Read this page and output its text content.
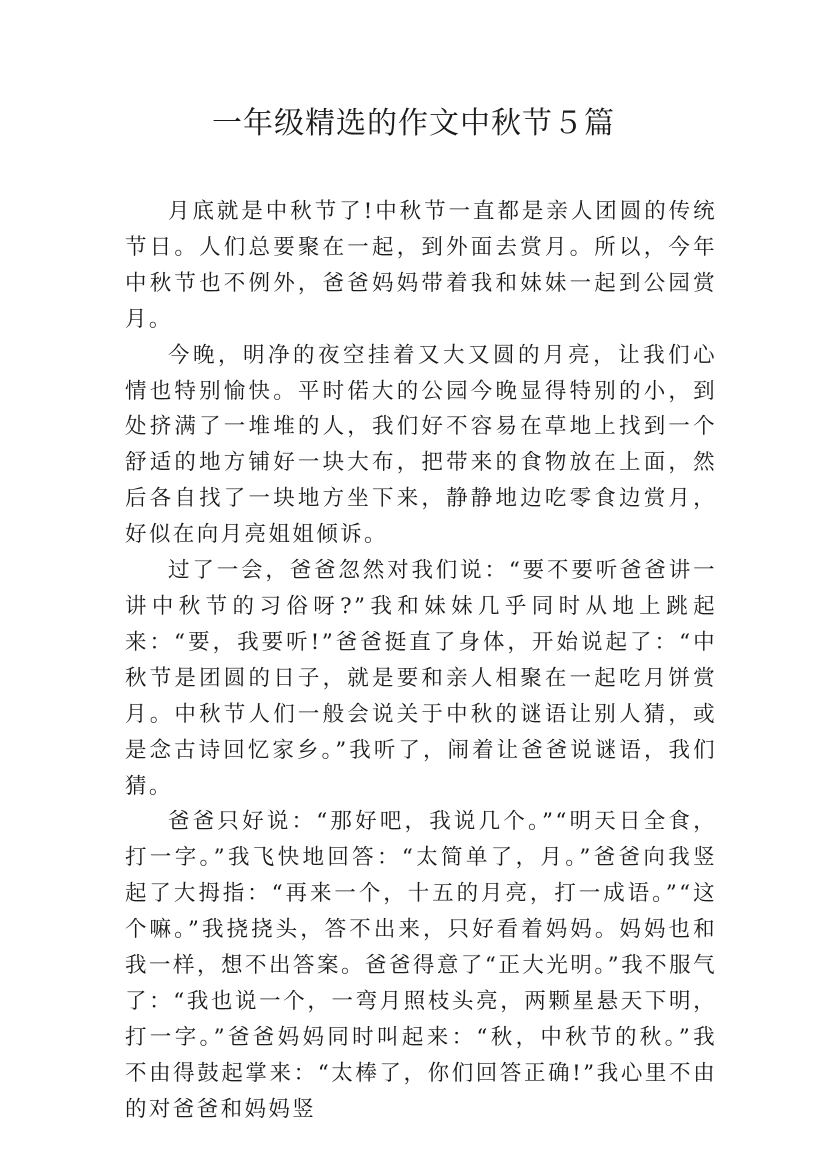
一年级精选的作文中秋节５篇

月底就是中秋节了!中秋节一直都是亲人团圆的传统节日。人们总要聚在一起，到外面去赏月。所以，今年中秋节也不例外，爸爸妈妈带着我和妹妹一起到公园赏月。

今晚，明净的夜空挂着又大又圆的月亮，让我们心情也特别愉快。平时偌大的公园今晚显得特别的小，到处挤满了一堆堆的人，我们好不容易在草地上找到一个舒适的地方铺好一块大布，把带来的食物放在上面，然后各自找了一块地方坐下来，静静地边吃零食边赏月，好似在向月亮姐姐倾诉。

过了一会，爸爸忽然对我们说：“要不要听爸爸讲一讲中秋节的习俗呀?”我和妹妹几乎同时从地上跳起来：“要，我要听!”爸爸挺直了身体，开始说起了：“中秋节是团圆的日子，就是要和亲人相聚在一起吃月饼赏月。中秋节人们一般会说关于中秋的谜语让别人猜，或是念古诗回忆家乡。”我听了，闹着让爸爸说谜语，我们猜。

爸爸只好说：“那好吧，我说几个。”“明天日全食，打一字。”我飞快地回答：“太简单了，月。”爸爸向我竖起了大拇指：“再来一个，十五的月亮，打一成语。”“这个嘛。”我挠挠头，答不出来，只好看着妈妈。妈妈也和我一样，想不出答案。爸爸得意了“正大光明。”我不服气了：“我也说一个，一弯月照枝头亮，两颗星悬天下明，打一字。”爸爸妈妈同时叫起来：“秋，中秋节的秋。”我不由得鼓起掌来：“太棒了，你们回答正确!”我心里不由的对爸爸和妈妈竖
